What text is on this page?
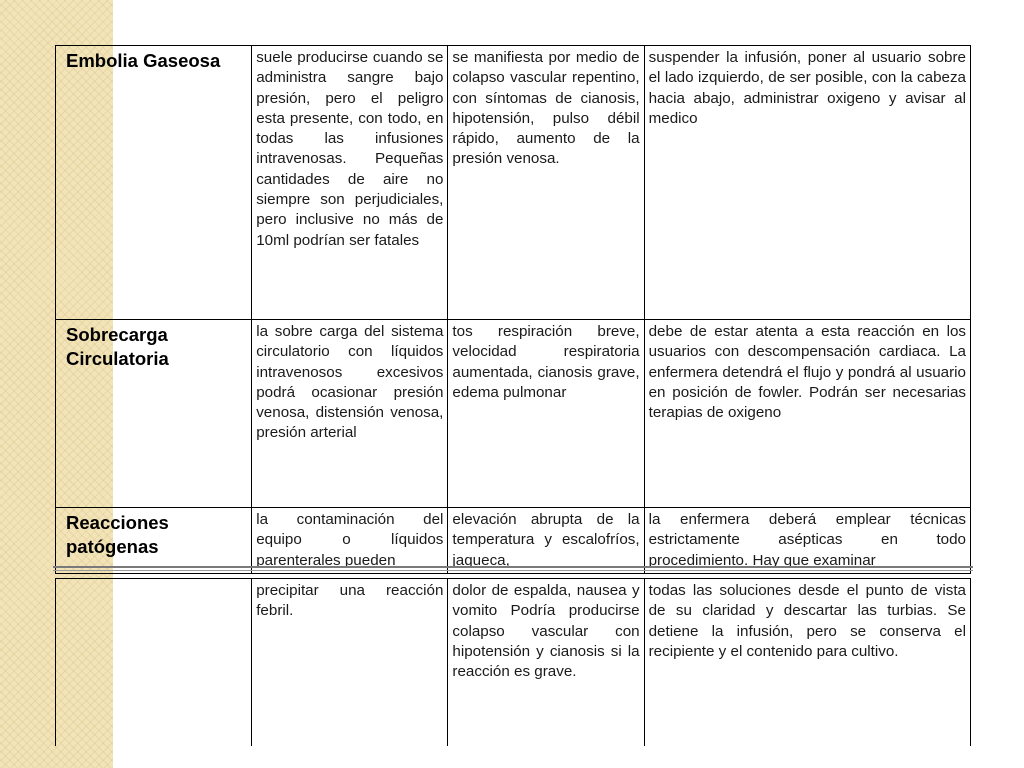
· · · · ·
Embolia Gaseosa	suele producirse cuando se administra sangre bajo presión, pero el peligro esta presente, con todo, en todas las infusiones intravenosas. Pequeñas cantidades de aire no siempre son perjudiciales, pero inclusive no más de 10ml podrían ser fatales	se manifiesta por medio de colapso vascular repentino, con síntomas de cianosis, hipotensión, pulso débil rápido, aumento de la presión venosa.	suspender la infusión, poner al usuario sobre el lado izquierdo, de ser posible, con la cabeza hacia abajo, administrar oxigeno y avisar al medico
Sobrecarga Circulatoria	la sobre carga del sistema circulatorio con líquidos intravenosos excesivos podrá ocasionar presión venosa, distensión venosa, presión arterial	tos respiración breve, velocidad respiratoria aumentada, cianosis grave, edema pulmonar	debe de estar atenta a esta reacción en los usuarios con descompensación cardiaca. La enfermera detendrá el flujo y pondrá al usuario en posición de fowler. Podrán ser necesarias terapias de oxigeno
Reacciones patógenas	la contaminación del equipo o líquidos parenterales pueden	elevación abrupta de la temperatura y escalofríos, jaqueca,	la enfermera deberá emplear técnicas estrictamente asépticas en todo procedimiento. Hay que examinar
	precipitar una reacción febril.	dolor de espalda, nausea y vomito Podría producirse colapso vascular con hipotensión y cianosis si la reacción es grave.	todas las soluciones desde el punto de vista de su claridad y descartar las turbias. Se detiene la infusión, pero se conserva el recipiente y el contenido para cultivo.
